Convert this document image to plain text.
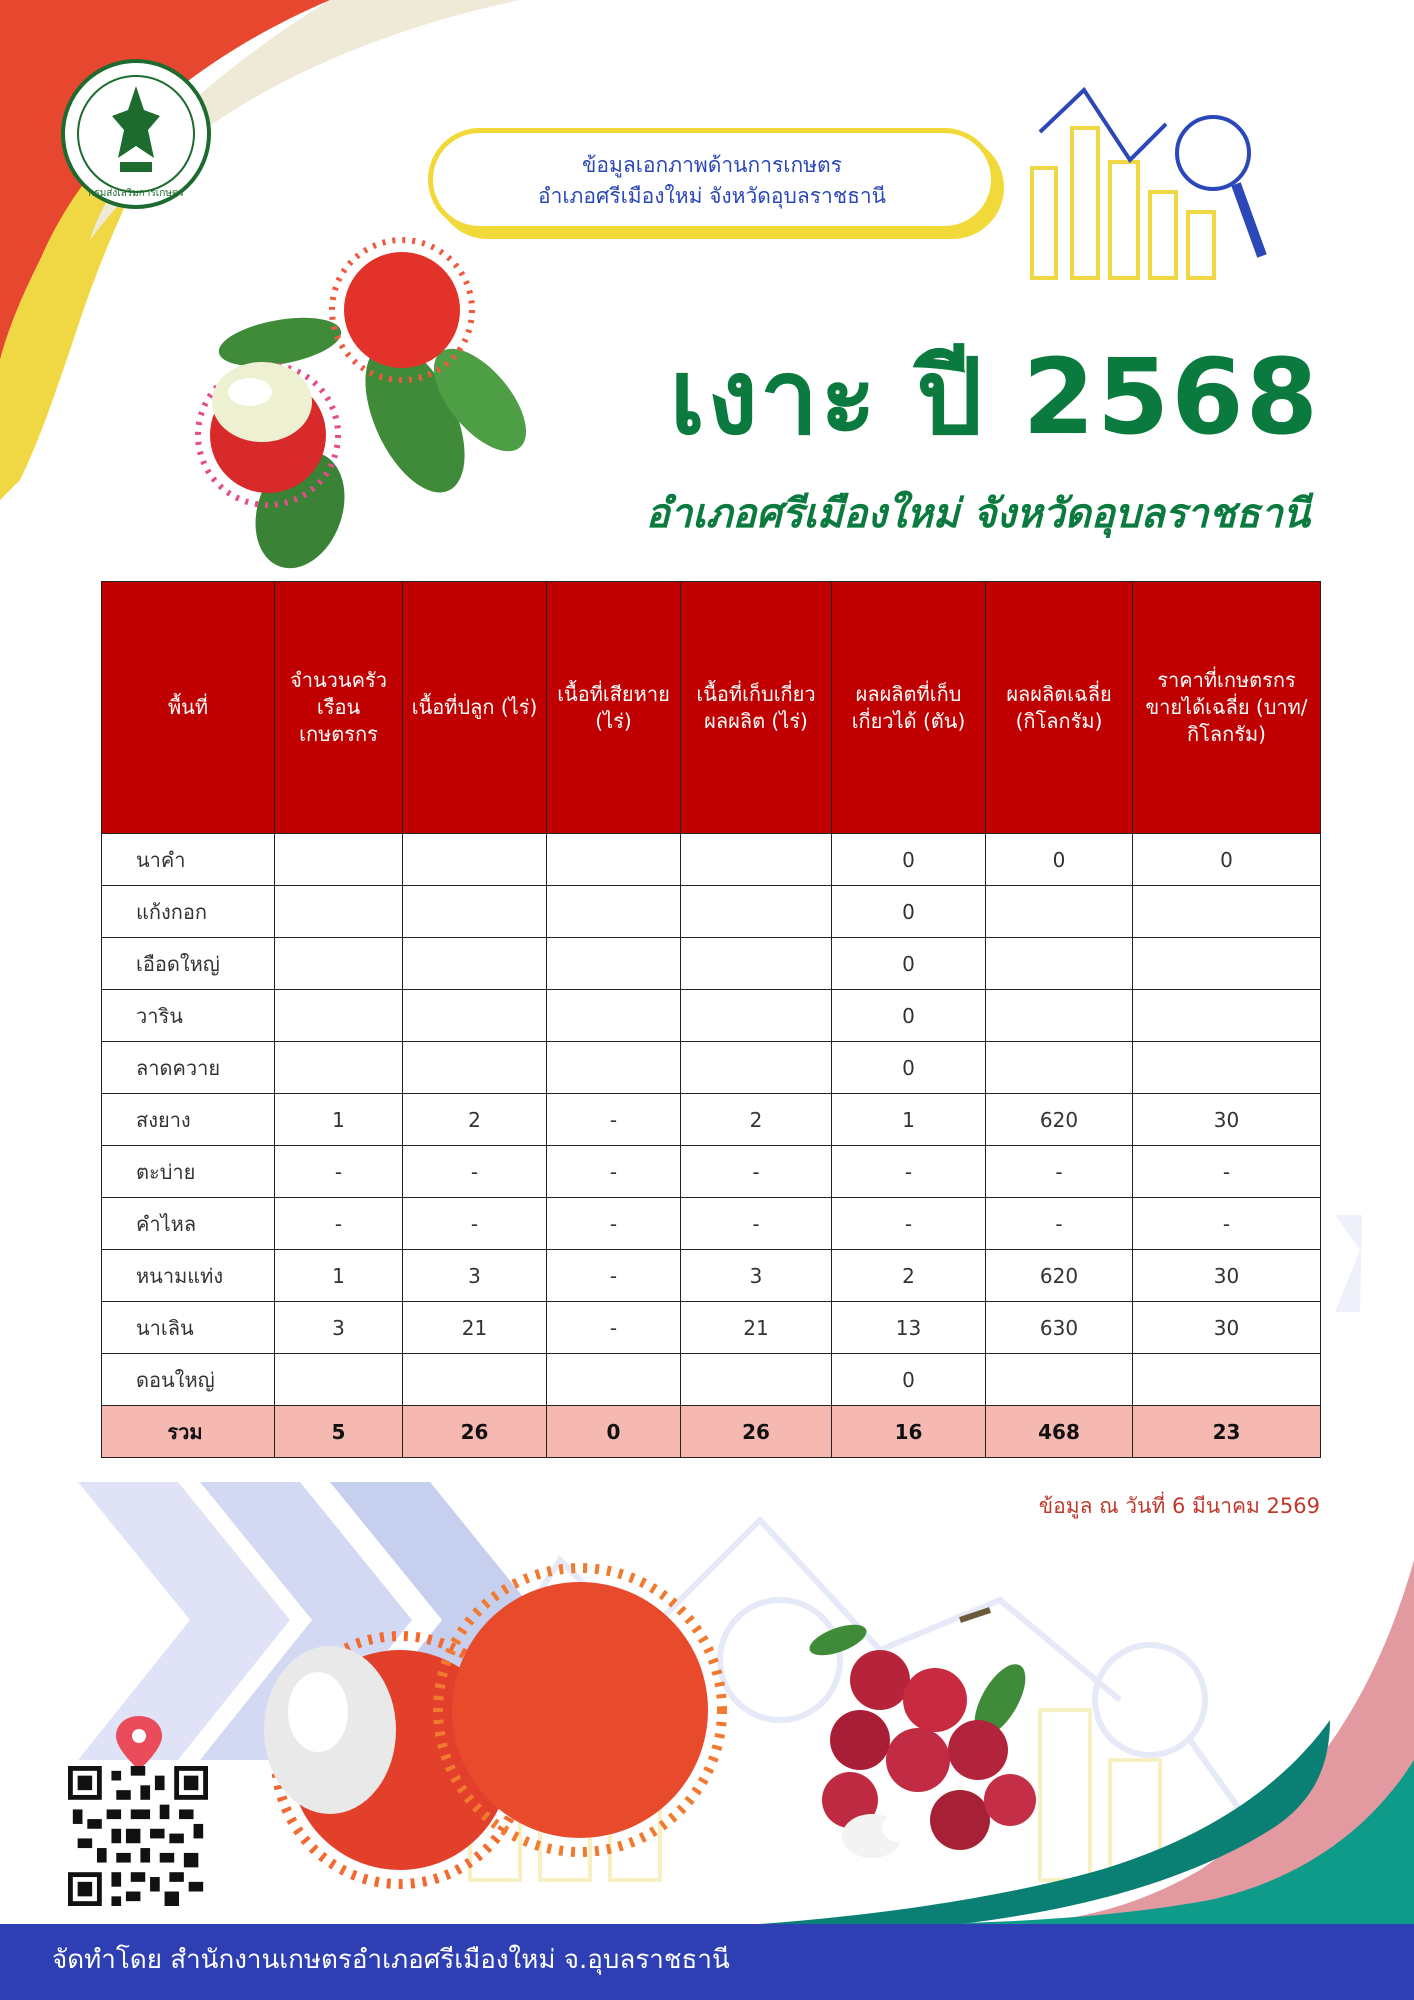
กรมส่งเสริมการเกษตร
ข้อมูลเอกภาพด้านการเกษตร
อำเภอศรีเมืองใหม่ จังหวัดอุบลราชธานี
เงาะ ปี 2568
อำเภอศรีเมืองใหม่ จังหวัดอุบลราชธานี
พื้นที่	จำนวนครัวเรือนเกษตรกร	เนื้อที่ปลูก (ไร่)	เนื้อที่เสียหาย (ไร่)	เนื้อที่เก็บเกี่ยวผลผลิต (ไร่)	ผลผลิตที่เก็บเกี่ยวได้ (ตัน)	ผลผลิตเฉลี่ย (กิโลกรัม)	ราคาที่เกษตรกรขายได้เฉลี่ย (บาท/กิโลกรัม)
นาคำ					0	0	0
แก้งกอก					0		
เอือดใหญ่					0		
วาริน					0		
ลาดควาย					0		
สงยาง	1	2	-	2	1	620	30
ตะบ่าย	-	-	-	-	-	-	-
คำไหล	-	-	-	-	-	-	-
หนามแท่ง	1	3	-	3	2	620	30
นาเลิน	3	21	-	21	13	630	30
ดอนใหญ่					0		
รวม	5	26	0	26	16	468	23
ข้อมูล ณ วันที่ 6 มีนาคม 2569
จัดทำโดย สำนักงานเกษตรอำเภอศรีเมืองใหม่ จ.อุบลราชธานี
